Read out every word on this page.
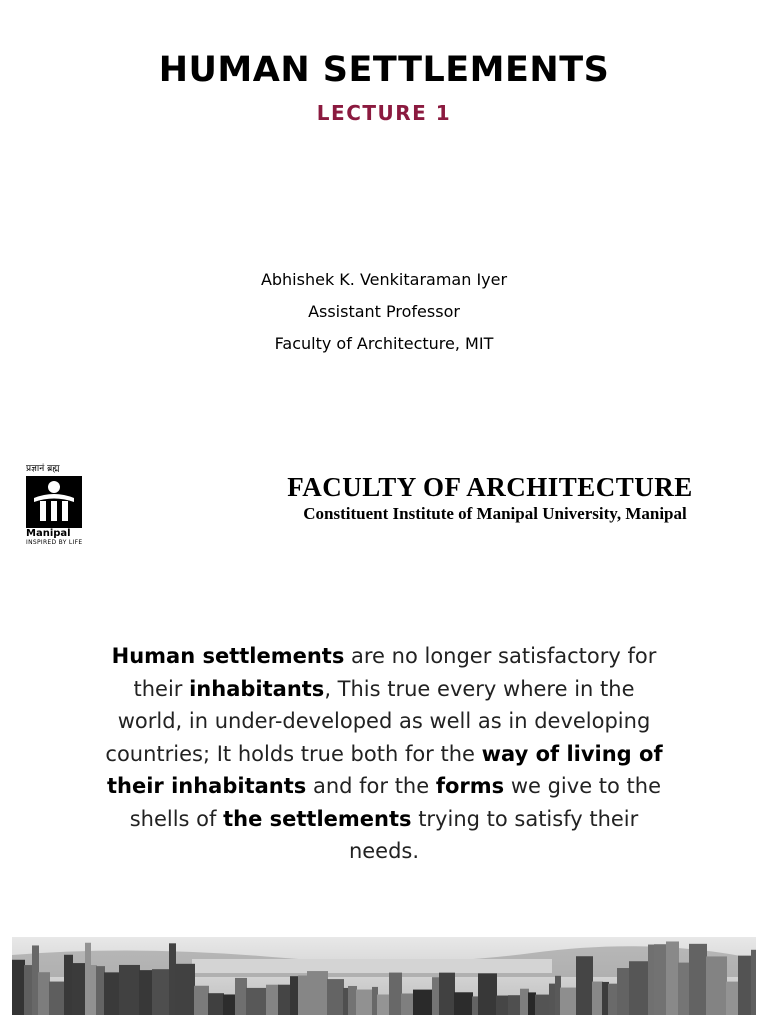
HUMAN SETTLEMENTS
LECTURE 1
Abhishek K. Venkitaraman Iyer
Assistant Professor
Faculty of Architecture, MIT
प्रज्ञानं ब्रह्म
Manipal
INSPIRED BY LIFE
FACULTY OF ARCHITECTURE
Constituent Institute of Manipal University, Manipal
Human settlements are no longer satisfactory for their inhabitants, This true every where in the world, in under-developed as well as in developing countries; It holds true both for the way of living of their inhabitants and for the forms we give to the shells of the settlements trying to satisfy their needs.
